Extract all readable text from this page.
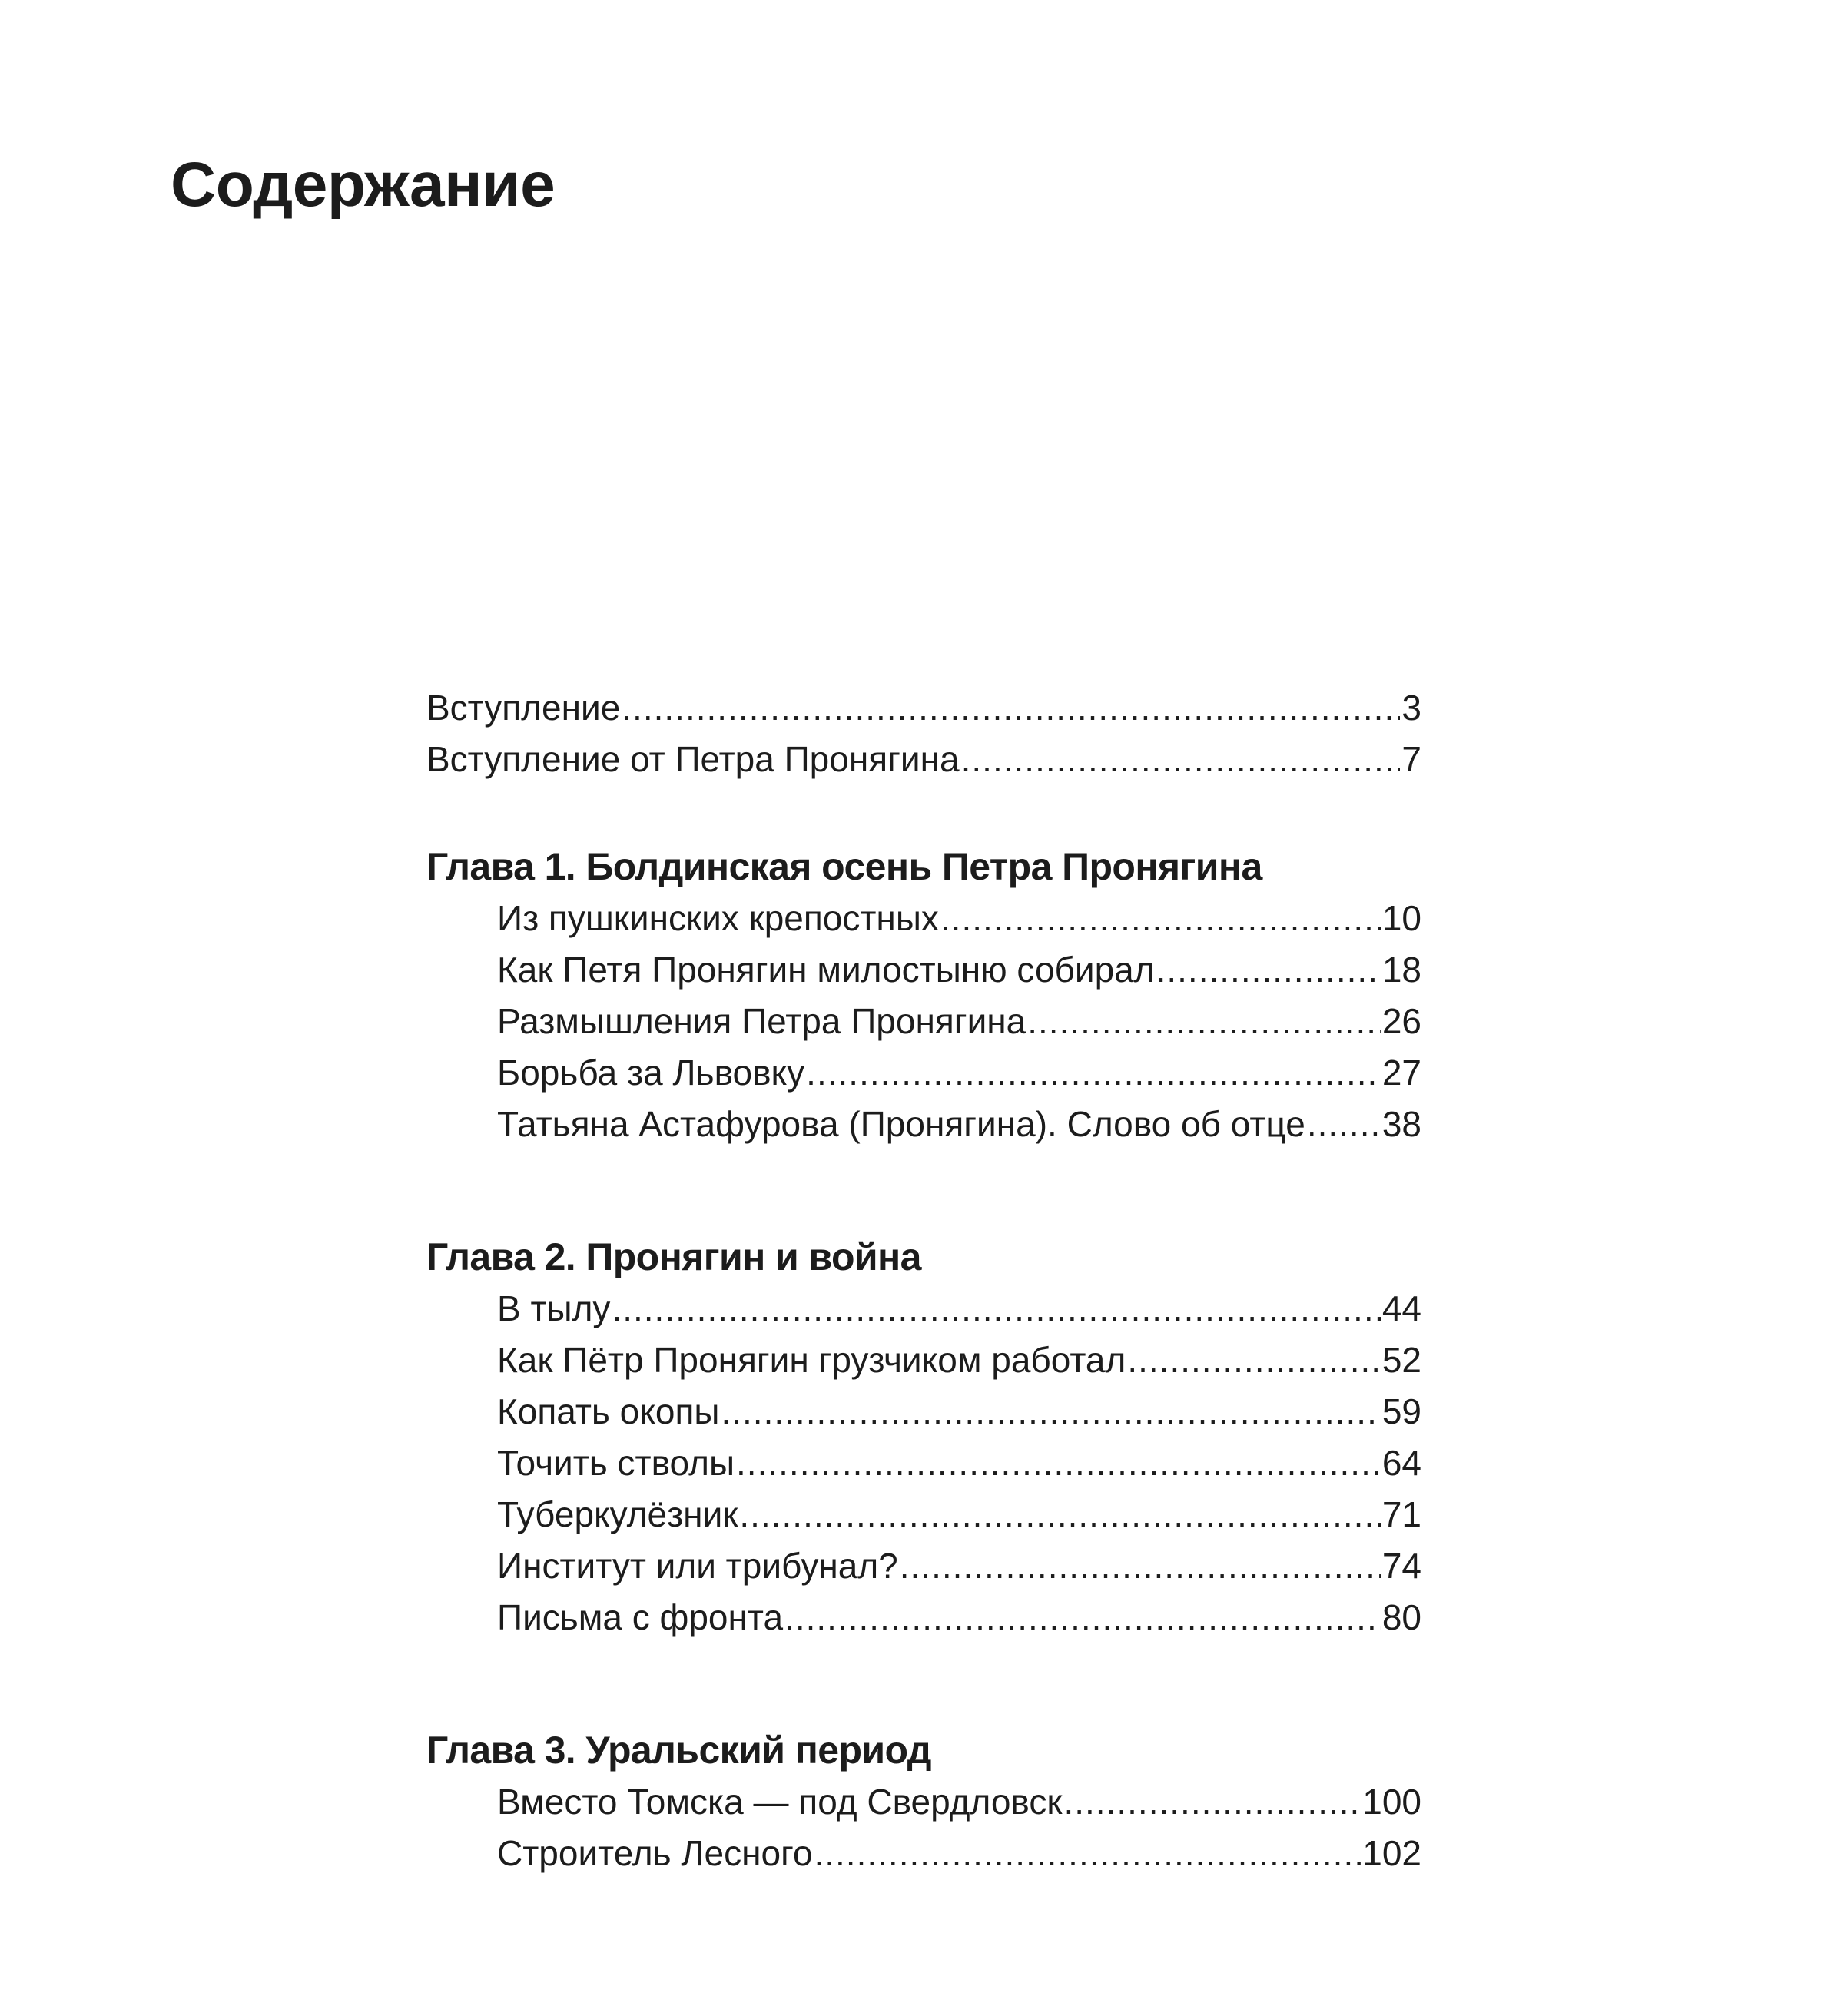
Содержание
Вступление .....	3
Вступление от Петра Пронягина .....	7
Глава 1. Болдинская осень Петра Пронягина
Из пушкинских крепостных .....	10
Как Петя Пронягин милостыню собирал .....	18
Размышления Петра Пронягина .....	26
Борьба за Львовку .....	27
Татьяна Астафурова (Пронягина). Слово об отце ..... 38
Глава 2. Пронягин и война
В тылу .....	44
Как Пётр Пронягин грузчиком работал .....	52
Копать окопы .....	59
Точить стволы .....	64
Туберкулёзник .....	71
Институт или трибунал? .....	74
Письма с фронта .....	80
Глава 3. Уральский период
Вместо Томска — под Свердловск .....	100
Строитель Лесного .....	102
